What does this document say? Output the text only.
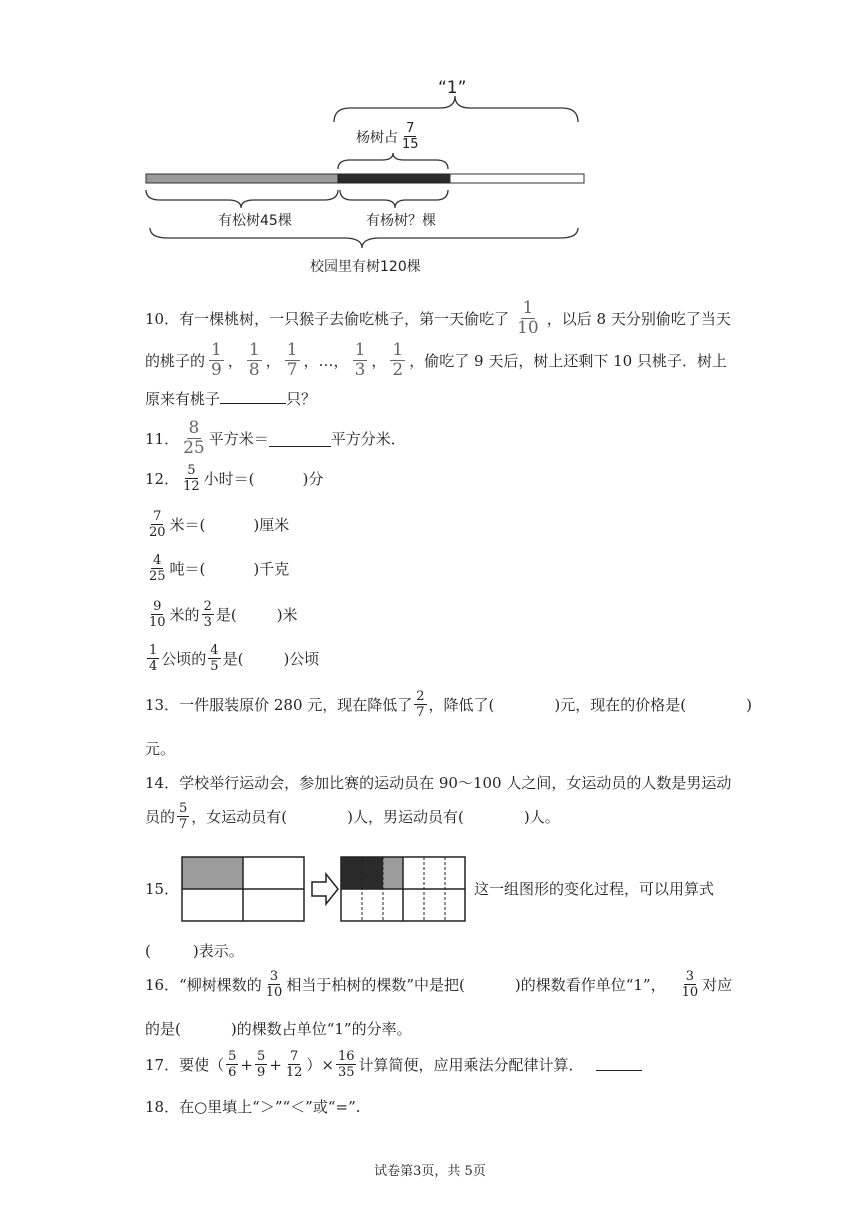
“1”
杨树占 $\frac{7}{15}$
有松树45棵	有杨树？棵
校园里有树120棵
10．有一棵桃树，一只猴子去偷吃桃子，第一天偷吃了 $\frac{1}{10}$ ，以后 8 天分别偷吃了当天
的桃子的 $\frac{1}{9}$ ， $\frac{1}{8}$ ， $\frac{1}{7}$ ， … ， $\frac{1}{3}$ ， $\frac{1}{2}$ ，偷吃了 9 天后，树上还剩下 10 只桃子．树上
原来有桃子	只？
11． $\frac{8}{25}$ 平方米＝	平方分米．
12． $\frac{5}{12}$ 小时＝(	)分
$\frac{7}{20}$ 米＝(	)厘米
$\frac{4}{25}$ 吨＝(	)千克
$\frac{9}{10}$ 米的 $\frac{2}{3}$ 是(	)米
$\frac{1}{4}$ 公顷的 $\frac{4}{5}$ 是(	)公顷
13．一件服装原价 280 元，现在降低了 $\frac{2}{7}$ ，降低了(	)元，现在的价格是(	)
元。
14．学校举行运动会，参加比赛的运动员在 90～100 人之间，女运动员的人数是男运动
员的 $\frac{5}{7}$ ，女运动员有(	)人，男运动员有(	)人。
15．	这一组图形的变化过程，可以用算式
(	)表示。
16．“柳树棵数的 $\frac{3}{10}$ 相当于柏树的棵数”中是把(	)的棵数看作单位“1”， $\frac{3}{10}$ 对应
的是(	)的棵数占单位“1”的分率。
17．要使（ $\frac{5}{6} + \frac{5}{9} + \frac{7}{12}$ ）× $\frac{16}{35}$ 计算简便，应用乘法分配律计算．
18．在○里填上“＞”“＜”或“=”.
试卷第3页，共 5页
